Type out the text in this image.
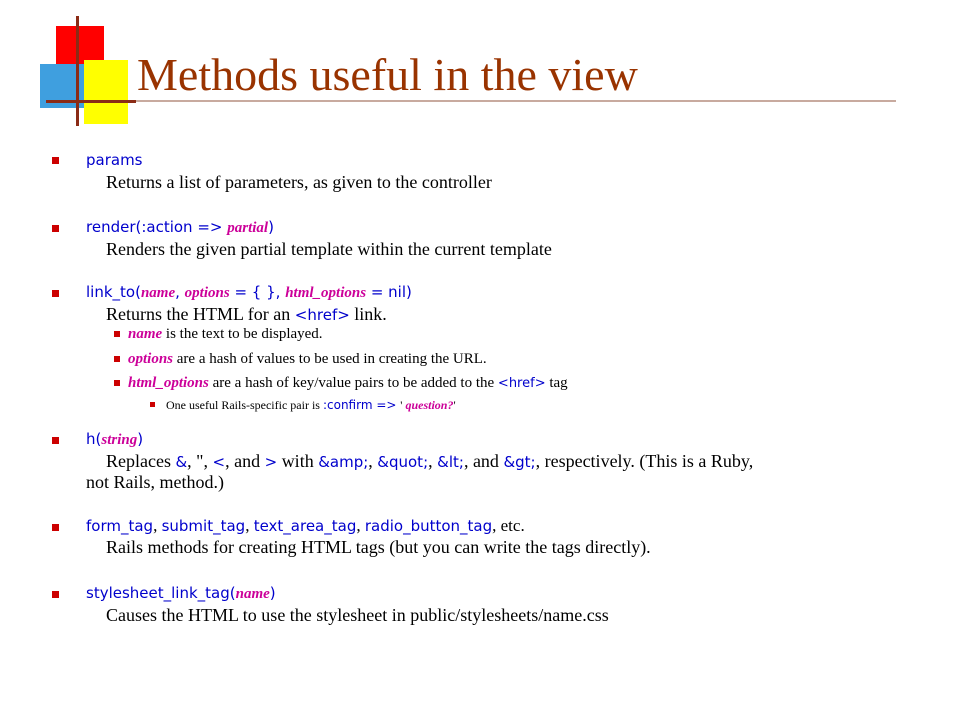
Methods useful in the view
params
Returns a list of parameters, as given to the controller
render(:action => partial)
Renders the given partial template within the current template
link_to(name, options = { }, html_options = nil)
Returns the HTML for an <href> link.
name is the text to be displayed.
options are a hash of values to be used in creating the URL.
html_options are a hash of key/value pairs to be added to the <href> tag
One useful Rails-specific pair is :confirm => ' question?'
h(string)
Replaces &, ", <, and > with &amp;, &quot;, &lt;, and &gt;, respectively. (This is a Ruby,
not Rails, method.)
form_tag, submit_tag, text_area_tag, radio_button_tag, etc.
Rails methods for creating HTML tags (but you can write the tags directly).
stylesheet_link_tag(name)
Causes the HTML to use the stylesheet in public/stylesheets/name.css
